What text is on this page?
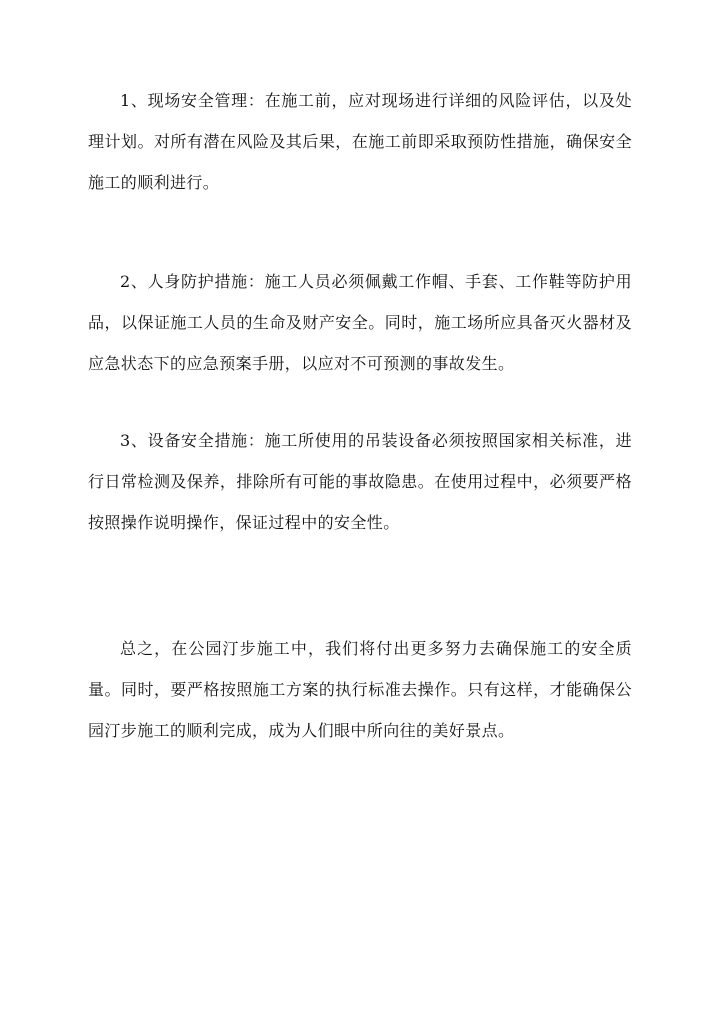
1、现场安全管理：在施工前，应对现场进行详细的风险评估，以及处理计划。对所有潜在风险及其后果，在施工前即采取预防性措施，确保安全施工的顺利进行。

2、人身防护措施：施工人员必须佩戴工作帽、手套、工作鞋等防护用品，以保证施工人员的生命及财产安全。同时，施工场所应具备灭火器材及应急状态下的应急预案手册，以应对不可预测的事故发生。

3、设备安全措施：施工所使用的吊装设备必须按照国家相关标准，进行日常检测及保养，排除所有可能的事故隐患。在使用过程中，必须要严格按照操作说明操作，保证过程中的安全性。

总之，在公园汀步施工中，我们将付出更多努力去确保施工的安全质量。同时，要严格按照施工方案的执行标准去操作。只有这样，才能确保公园汀步施工的顺利完成，成为人们眼中所向往的美好景点。
